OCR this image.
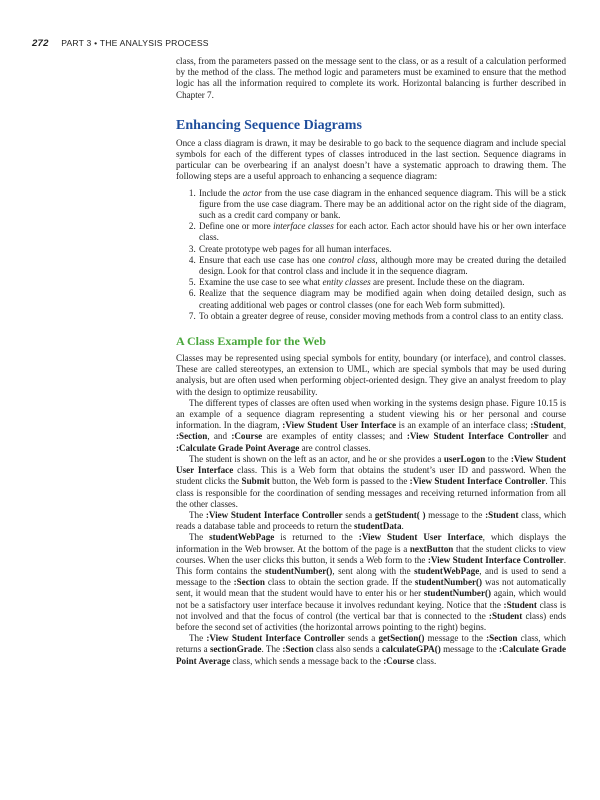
272 PART 3 • THE ANALYSIS PROCESS

class, from the parameters passed on the message sent to the class, or as a result of a calculation performed by the method of the class. The method logic and parameters must be examined to ensure that the method logic has all the information required to complete its work. Horizontal balancing is further described in Chapter 7.

Enhancing Sequence Diagrams

Once a class diagram is drawn, it may be desirable to go back to the sequence diagram and include special symbols for each of the different types of classes introduced in the last section. Sequence diagrams in particular can be overbearing if an analyst doesn’t have a systematic approach to drawing them. The following steps are a useful approach to enhancing a sequence diagram:

1. Include the actor from the use case diagram in the enhanced sequence diagram. This will be a stick figure from the use case diagram. There may be an additional actor on the right side of the diagram, such as a credit card company or bank.
2. Define one or more interface classes for each actor. Each actor should have his or her own interface class.
3. Create prototype web pages for all human interfaces.
4. Ensure that each use case has one control class, although more may be created during the detailed design. Look for that control class and include it in the sequence diagram.
5. Examine the use case to see what entity classes are present. Include these on the diagram.
6. Realize that the sequence diagram may be modified again when doing detailed design, such as creating additional web pages or control classes (one for each Web form submitted).
7. To obtain a greater degree of reuse, consider moving methods from a control class to an entity class.
A Class Example for the Web

Classes may be represented using special symbols for entity, boundary (or interface), and control classes. These are called stereotypes, an extension to UML, which are special symbols that may be used during analysis, but are often used when performing object-oriented design. They give an analyst freedom to play with the design to optimize reusability.

The different types of classes are often used when working in the systems design phase. Figure 10.15 is an example of a sequence diagram representing a student viewing his or her personal and course information. In the diagram, :View Student User Interface is an example of an interface class; :Student, :Section, and :Course are examples of entity classes; and :View Student Interface Controller and :Calculate Grade Point Average are control classes.

The student is shown on the left as an actor, and he or she provides a userLogon to the :View Student User Interface class. This is a Web form that obtains the student’s user ID and password. When the student clicks the Submit button, the Web form is passed to the :View Student Interface Controller. This class is responsible for the coordination of sending messages and receiving returned information from all the other classes.

The :View Student Interface Controller sends a getStudent( ) message to the :Student class, which reads a database table and proceeds to return the studentData.

The studentWebPage is returned to the :View Student User Interface, which displays the information in the Web browser. At the bottom of the page is a nextButton that the student clicks to view courses. When the user clicks this button, it sends a Web form to the :View Student Interface Controller. This form contains the studentNumber(), sent along with the studentWebPage, and is used to send a message to the :Section class to obtain the section grade. If the studentNumber() was not automatically sent, it would mean that the student would have to enter his or her studentNumber() again, which would not be a satisfactory user interface because it involves redundant keying. Notice that the :Student class is not involved and that the focus of control (the vertical bar that is connected to the :Student class) ends before the second set of activities (the horizontal arrows pointing to the right) begins.

The :View Student Interface Controller sends a getSection() message to the :Section class, which returns a sectionGrade. The :Section class also sends a calculateGPA() message to the :Calculate Grade Point Average class, which sends a message back to the :Course class.
